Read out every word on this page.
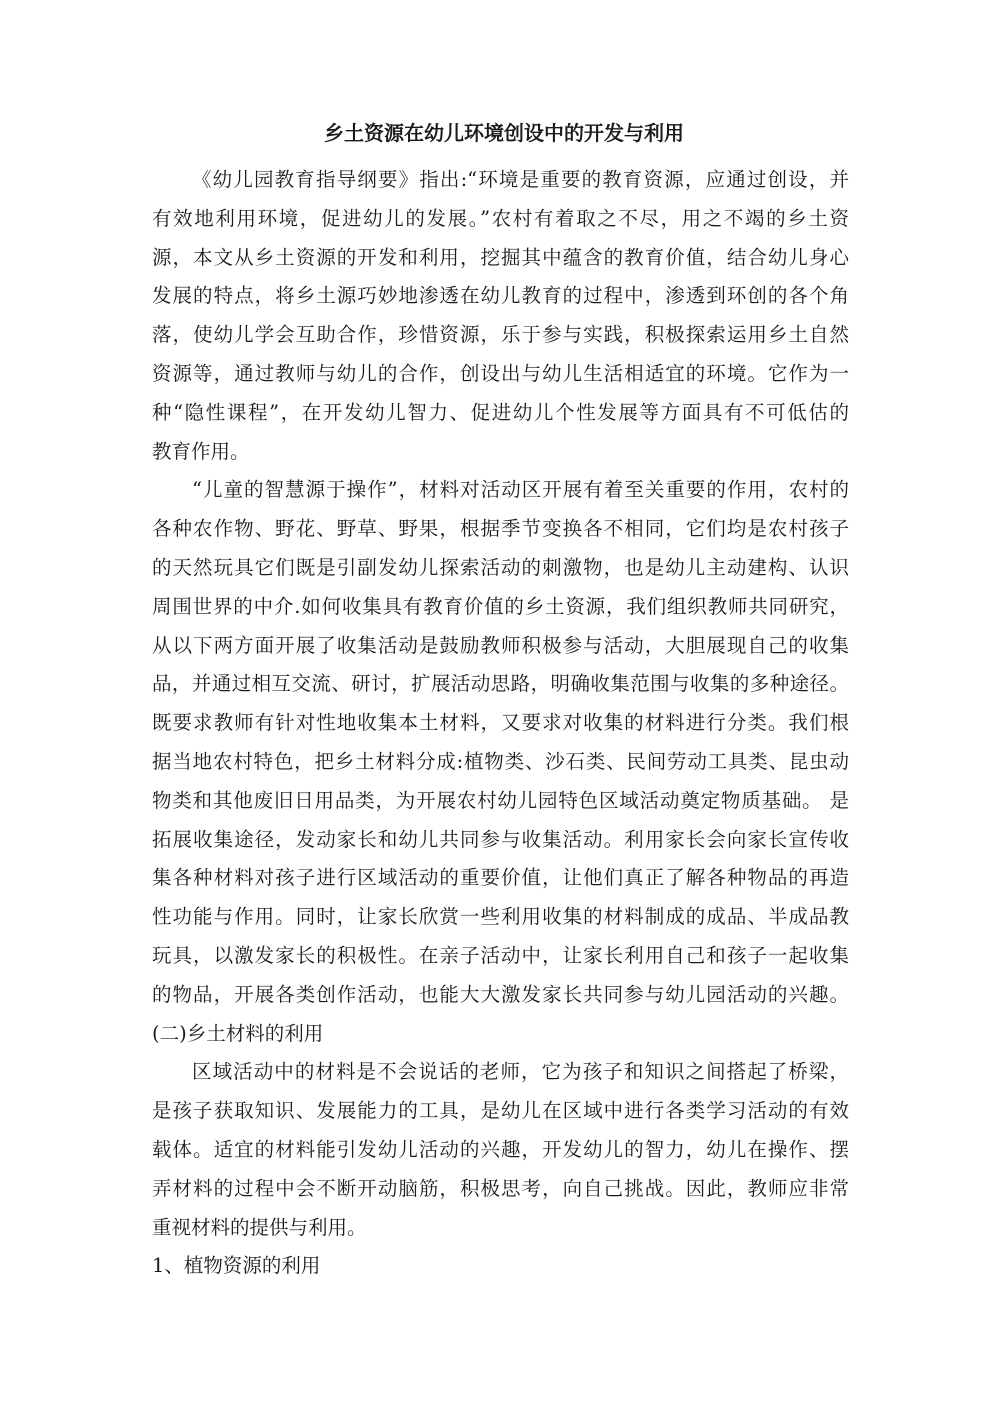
乡土资源在幼儿环境创设中的开发与利用
《幼儿园教育指导纲要》指出:“环境是重要的教育资源，应通过创设，并
有效地利用环境，促进幼儿的发展。”农村有着取之不尽，用之不竭的乡土资
源，本文从乡土资源的开发和利用，挖掘其中蕴含的教育价值，结合幼儿身心
发展的特点，将乡土源巧妙地渗透在幼儿教育的过程中，渗透到环创的各个角
落，使幼儿学会互助合作，珍惜资源，乐于参与实践，积极探索运用乡土自然
资源等，通过教师与幼儿的合作，创设出与幼儿生活相适宜的环境。它作为一
种“隐性课程”，在开发幼儿智力、促进幼儿个性发展等方面具有不可低估的
教育作用。
“儿童的智慧源于操作”，材料对活动区开展有着至关重要的作用，农村的
各种农作物、野花、野草、野果，根据季节变换各不相同，它们均是农村孩子
的天然玩具它们既是引副发幼儿探索活动的刺激物，也是幼儿主动建构、认识
周围世界的中介.如何收集具有教育价值的乡土资源，我们组织教师共同研究，
从以下两方面开展了收集活动是鼓励教师积极参与活动，大胆展现自己的收集
品，并通过相互交流、研讨，扩展活动思路，明确收集范围与收集的多种途径。
既要求教师有针对性地收集本土材料，又要求对收集的材料进行分类。我们根
据当地农村特色，把乡土材料分成:植物类、沙石类、民间劳动工具类、昆虫动
物类和其他废旧日用品类，为开展农村幼儿园特色区域活动奠定物质基础。 是
拓展收集途径，发动家长和幼儿共同参与收集活动。利用家长会向家长宣传收
集各种材料对孩子进行区域活动的重要价值，让他们真正了解各种物品的再造
性功能与作用。同时，让家长欣赏一些利用收集的材料制成的成品、半成品教
玩具，以激发家长的积极性。在亲子活动中，让家长利用自己和孩子一起收集
的物品，开展各类创作活动，也能大大激发家长共同参与幼儿园活动的兴趣。
(二)乡土材料的利用
区域活动中的材料是不会说话的老师，它为孩子和知识之间搭起了桥梁，
是孩子获取知识、发展能力的工具，是幼儿在区域中进行各类学习活动的有效
载体。适宜的材料能引发幼儿活动的兴趣，开发幼儿的智力，幼儿在操作、摆
弄材料的过程中会不断开动脑筋，积极思考，向自己挑战。因此，教师应非常
重视材料的提供与利用。
1、植物资源的利用
